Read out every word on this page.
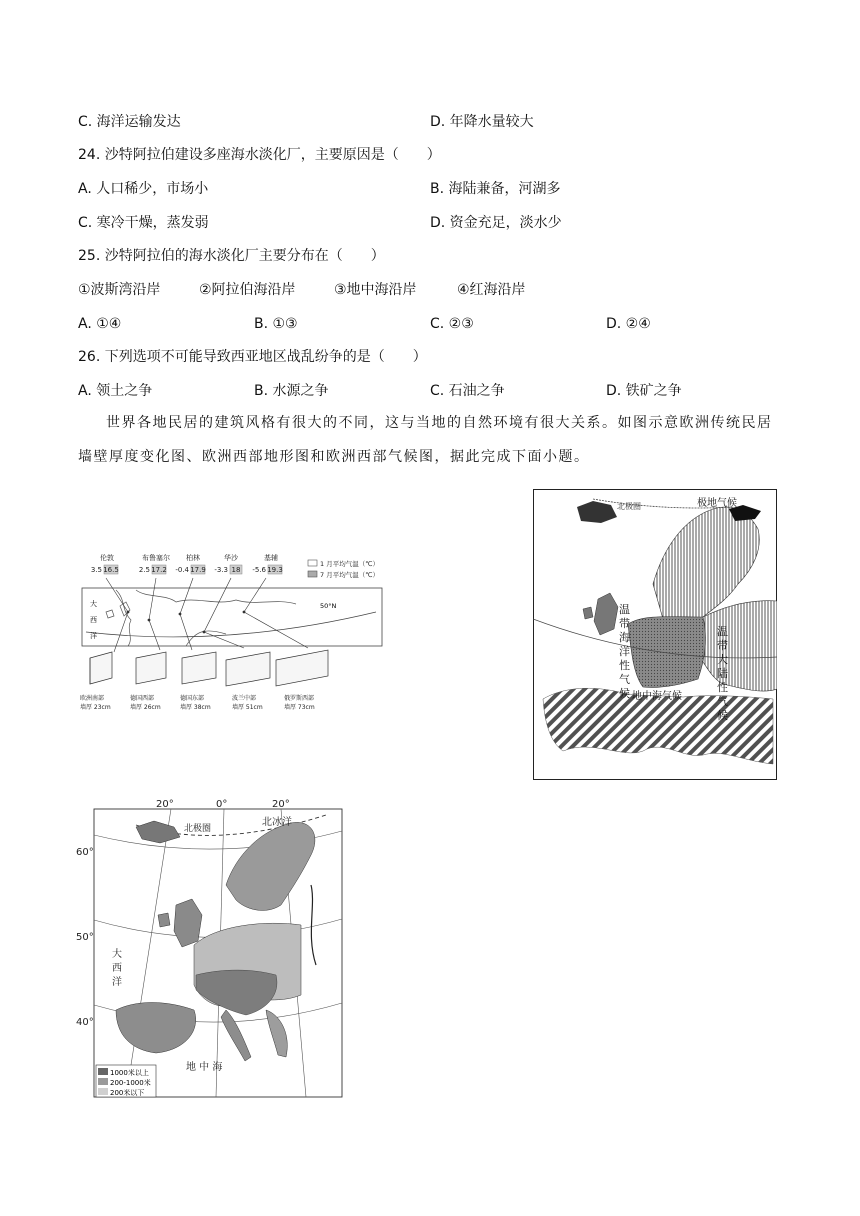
C. 海洋运输发达	D. 年降水量较大
24. 沙特阿拉伯建设多座海水淡化厂，主要原因是（　　）
A. 人口稀少，市场小	B. 海陆兼备，河湖多
C. 寒冷干燥，蒸发弱	D. 资金充足，淡水少
25. 沙特阿拉伯的海水淡化厂主要分布在（　　）
①波斯湾沿岸	②阿拉伯海沿岸	③地中海沿岸	④红海沿岸
A. ①④	B. ①③	C. ②③	D. ②④
26. 下列选项不可能导致西亚地区战乱纷争的是（　　）
A. 领土之争	B. 水源之争	C. 石油之争	D. 铁矿之争
世界各地民居的建筑风格有很大的不同，这与当地的自然环境有很大关系。如图示意欧洲传统民居墙壁厚度变化图、欧洲西部地形图和欧洲西部气候图，据此完成下面小题。
伦敦
3.5 16.5
布鲁塞尔
2.5 17.2
柏林
-0.4 17.9
华沙
-3.3 18
基辅
-5.6 19.3
1 月平均气温（℃）
7 月平均气温（℃）
大
西
洋
50°N
欧洲南部
墙厚 23cm
德国西部
墙厚 26cm
德国东部
墙厚 38cm
波兰中部
墙厚 51cm
俄罗斯西部
墙厚 73cm
北极圈	极地气候
地中海气候
温
带
海
洋
性
气
候
温
带
大
陆
性
气
候
20°	0°	20°
60°
50°
40°
北极圈
北冰洋
大
西
洋
地 中 海
1000米以上
200-1000米
200米以下
